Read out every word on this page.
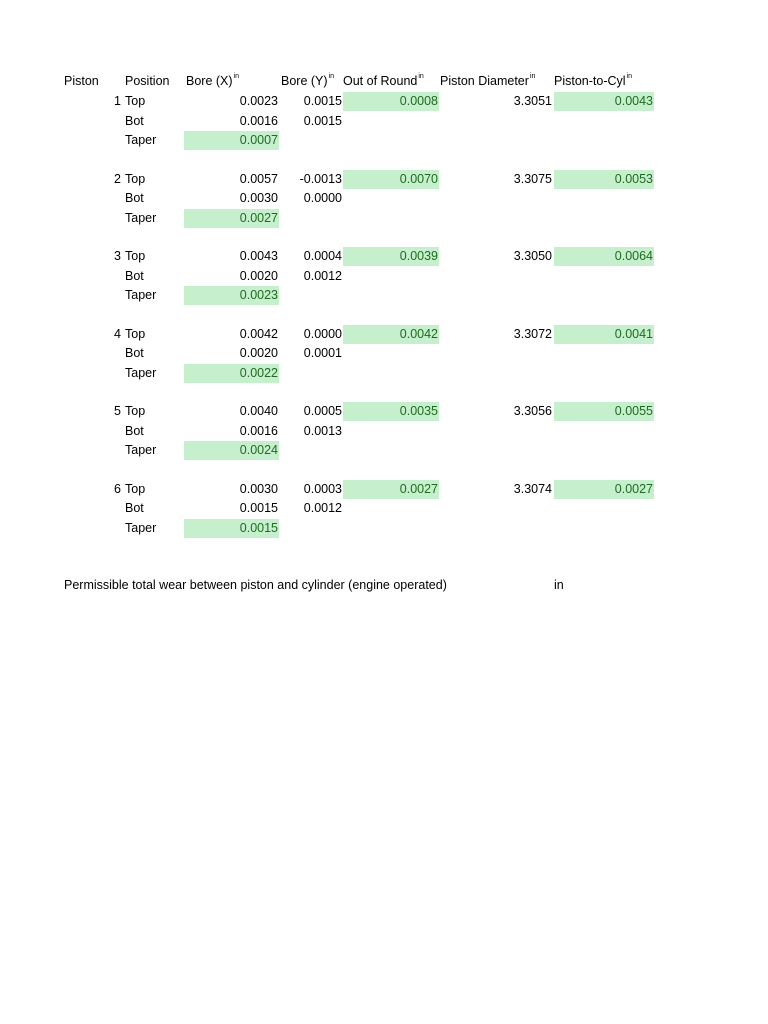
Piston	Position	Bore $(X)^{in}$	Bore $(Y)^{in}$ Out of Round$^{in}$	Piston Diameter$^{in}$	Piston-to-Cyl$^{in}$
1 Top	0.0023	0.0015	0.0008	3.3051	0.0043
Bot	0.0016	0.0015
Taper	0.0007
2 Top	0.0057	-0.0013	0.0070	3.3075	0.0053
Bot	0.0030	0.0000
Taper	0.0027
3 Top	0.0043	0.0004	0.0039	3.3050	0.0064
Bot	0.0020	0.0012
Taper	0.0023
4 Top	0.0042	0.0000	0.0042	3.3072	0.0041
Bot	0.0020	0.0001
Taper	0.0022
5 Top	0.0040	0.0005	0.0035	3.3056	0.0055
Bot	0.0016	0.0013
Taper	0.0024
6 Top	0.0030	0.0003	0.0027	3.3074	0.0027
Bot	0.0015	0.0012
Taper	0.0015
Permissible total wear between piston and cylinder (engine operated)	in
